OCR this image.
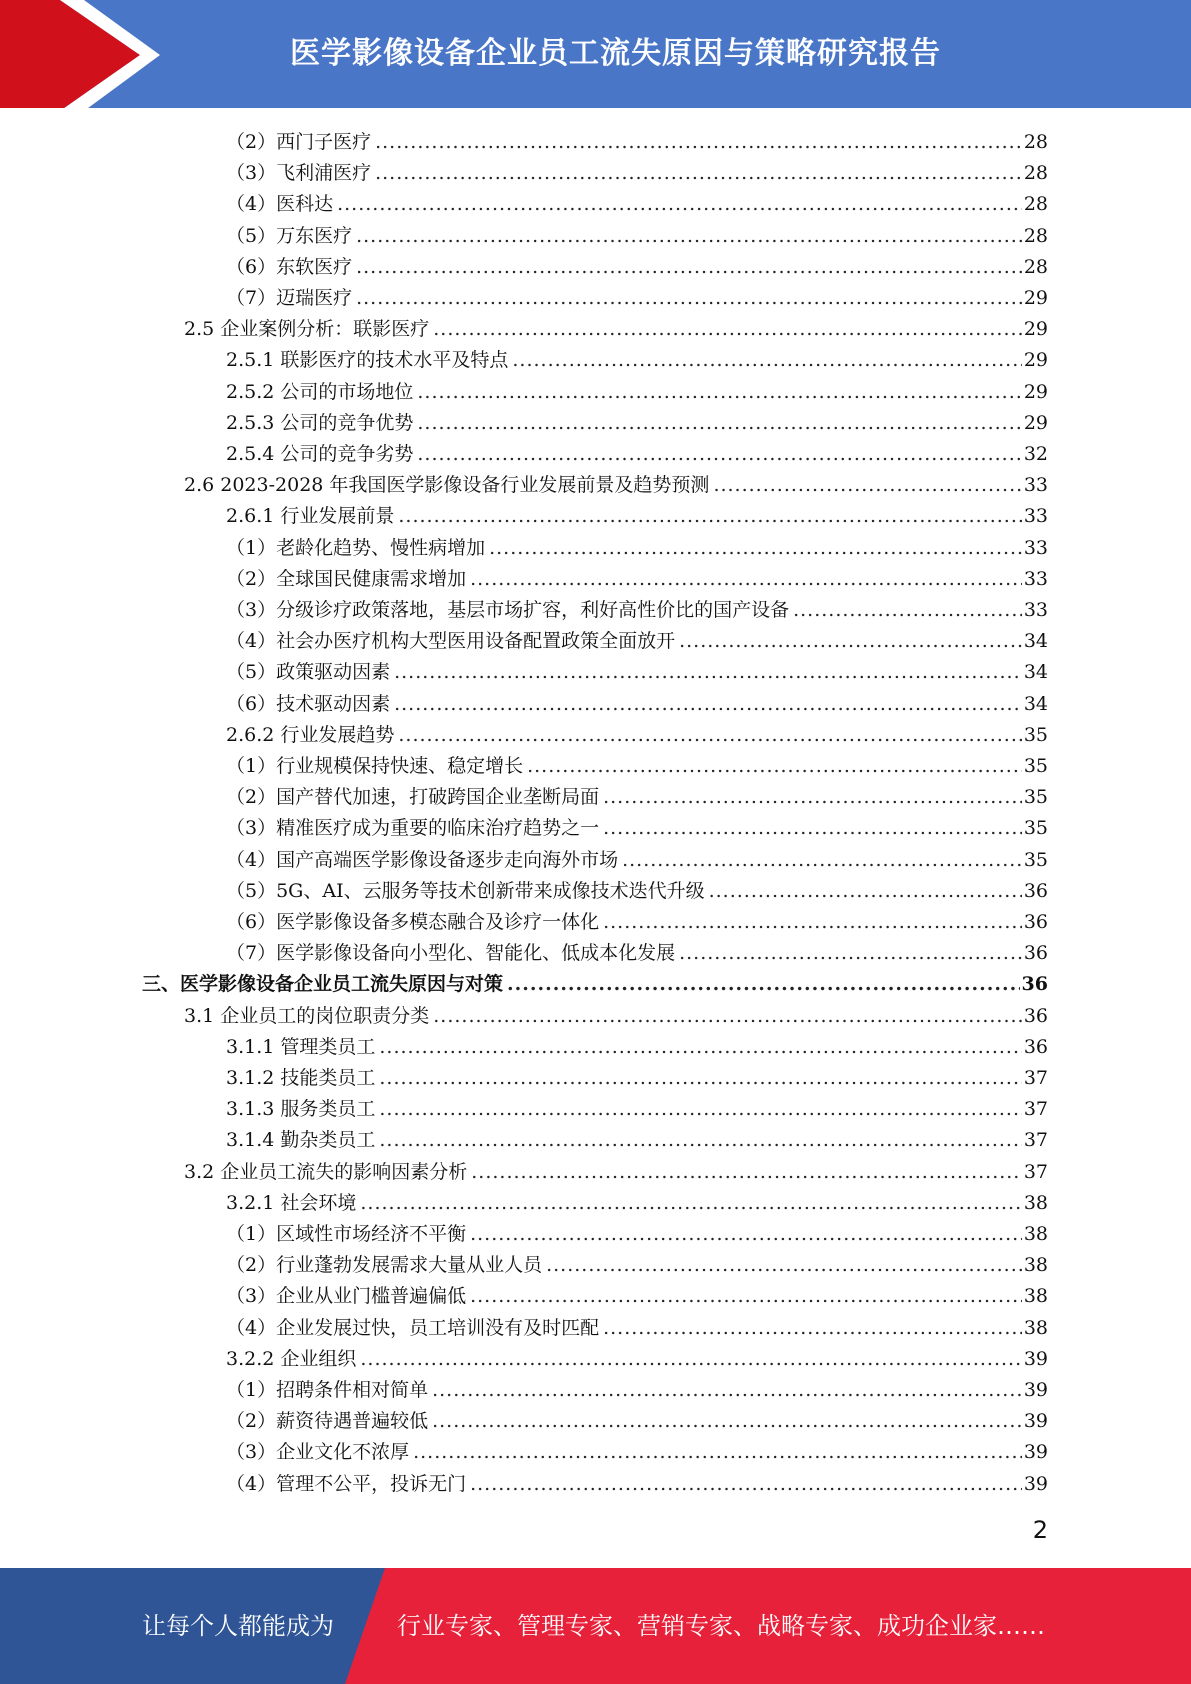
医学影像设备企业员工流失原因与策略研究报告
（2）西门子医疗 .....	28
（3）飞利浦医疗 .....	28
（4）医科达 .....	28
（5）万东医疗 .....	28
（6）东软医疗 .....	28
（7）迈瑞医疗 .....	29
2.5 企业案例分析：联影医疗 .....	29
2.5.1 联影医疗的技术水平及特点 .....	29
2.5.2 公司的市场地位 .....	29
2.5.3 公司的竞争优势 .....	29
2.5.4 公司的竞争劣势 .....	32
2.6 2023-2028 年我国医学影像设备行业发展前景及趋势预测 .....	33
2.6.1 行业发展前景 .....	33
（1）老龄化趋势、慢性病增加 .....	33
（2）全球国民健康需求增加 .....	33
（3）分级诊疗政策落地，基层市场扩容，利好高性价比的国产设备 .....	33
（4）社会办医疗机构大型医用设备配置政策全面放开 .....	34
（5）政策驱动因素 .....	34
（6）技术驱动因素 .....	34
2.6.2 行业发展趋势 .....	35
（1）行业规模保持快速、稳定增长 .....	35
（2）国产替代加速，打破跨国企业垄断局面 .....	35
（3）精准医疗成为重要的临床治疗趋势之一 .....	35
（4）国产高端医学影像设备逐步走向海外市场 .....	35
（5）5G、AI、云服务等技术创新带来成像技术迭代升级 .....	36
（6）医学影像设备多模态融合及诊疗一体化 .....	36
（7）医学影像设备向小型化、智能化、低成本化发展 .....	36
三、医学影像设备企业员工流失原因与对策 .....	36
3.1 企业员工的岗位职责分类 .....	36
3.1.1 管理类员工 .....	36
3.1.2 技能类员工 .....	37
3.1.3 服务类员工 .....	37
3.1.4 勤杂类员工 .....	37
3.2 企业员工流失的影响因素分析 .....	37
3.2.1 社会环境 .....	38
（1）区域性市场经济不平衡 .....	38
（2）行业蓬勃发展需求大量从业人员 .....	38
（3）企业从业门槛普遍偏低 .....	38
（4）企业发展过快，员工培训没有及时匹配 .....	38
3.2.2 企业组织 .....	39
（1）招聘条件相对简单 .....	39
（2）薪资待遇普遍较低 .....	39
（3）企业文化不浓厚 .....	39
（4）管理不公平，投诉无门 .....	39
2
让每个人都能成为	行业专家、管理专家、营销专家、战略专家、成功企业家……
